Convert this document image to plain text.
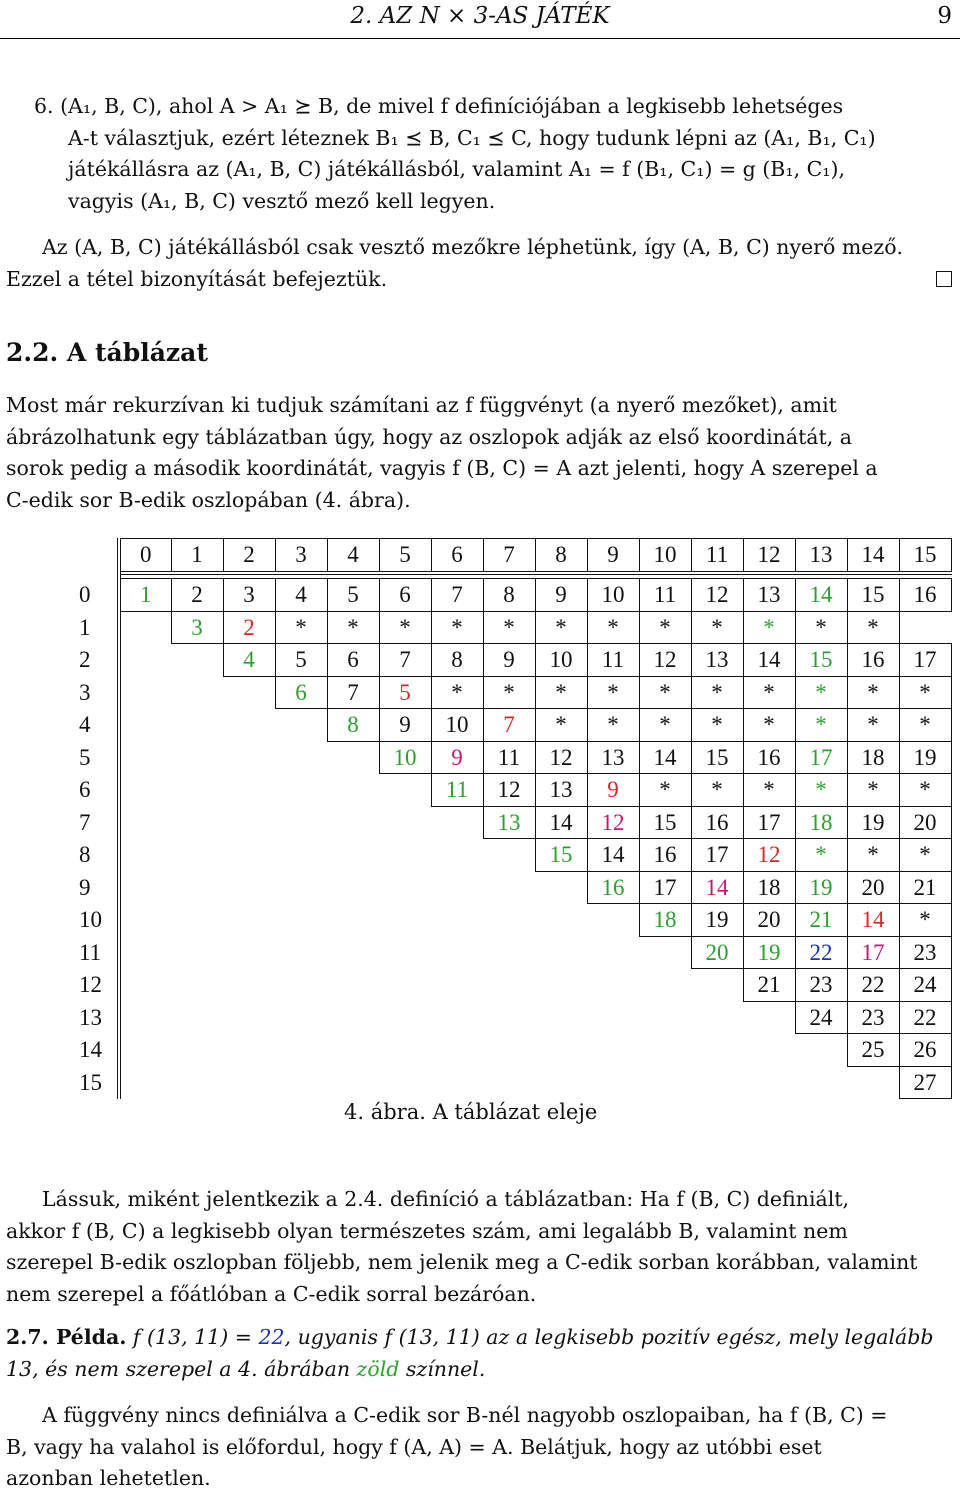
2. AZ N × 3-AS JÁTÉK	9
6. (A₁, B, C), ahol A > A₁ ⪰ B, de mivel f definíciójában a legkisebb lehetséges
A-t választjuk, ezért léteznek B₁ ⪯ B, C₁ ⪯ C, hogy tudunk lépni az (A₁, B₁, C₁)
játékállásra az (A₁, B, C) játékállásból, valamint A₁ = f (B₁, C₁) = g (B₁, C₁),
vagyis (A₁, B, C) vesztő mező kell legyen.
Az (A, B, C) játékállásból csak vesztő mezőkre léphetünk, így (A, B, C) nyerő mező.
Ezzel a tétel bizonyítását befejeztük.
2.2. A táblázat
Most már rekurzívan ki tudjuk számítani az f függvényt (a nyerő mezőket), amit
ábrázolhatunk egy táblázatban úgy, hogy az oszlopok adják az első koordinátát, a
sorok pedig a második koordinátát, vagyis f (B, C) = A azt jelenti, hogy A szerepel a
C-edik sor B-edik oszlopában (4. ábra).
	0	1	2	3	4	5	6	7	8	9	10	11	12	13	14	15

0	1	2	3	4	5	6	7	8	9	10	11	12	13	14	15	16
1		3	2	*	*	*	*	*	*	*	*	*	*	*	*	
2			4	5	6	7	8	9	10	11	12	13	14	15	16	17
3				6	7	5	*	*	*	*	*	*	*	*	*	*
4					8	9	10	7	*	*	*	*	*	*	*	*
5						10	9	11	12	13	14	15	16	17	18	19
6							11	12	13	9	*	*	*	*	*	*
7								13	14	12	15	16	17	18	19	20
8									15	14	16	17	12	*	*	*
9										16	17	14	18	19	20	21
10											18	19	20	21	14	*
11												20	19	22	17	23
12													21	23	22	24
13														24	23	22
14															25	26
15																27
4. ábra. A táblázat eleje
Lássuk, miként jelentkezik a 2.4. definíció a táblázatban: Ha f (B, C) definiált,
akkor f (B, C) a legkisebb olyan természetes szám, ami legalább B, valamint nem
szerepel B-edik oszlopban följebb, nem jelenik meg a C-edik sorban korábban, valamint
nem szerepel a főátlóban a C-edik sorral bezáróan.
2.7. Példa. f (13, 11) = 22, ugyanis f (13, 11) az a legkisebb pozitív egész, mely legalább
13, és nem szerepel a 4. ábrában zöld színnel.
A függvény nincs definiálva a C-edik sor B-nél nagyobb oszlopaiban, ha f (B, C) =
B, vagy ha valahol is előfordul, hogy f (A, A) = A. Belátjuk, hogy az utóbbi eset
azonban lehetetlen.
